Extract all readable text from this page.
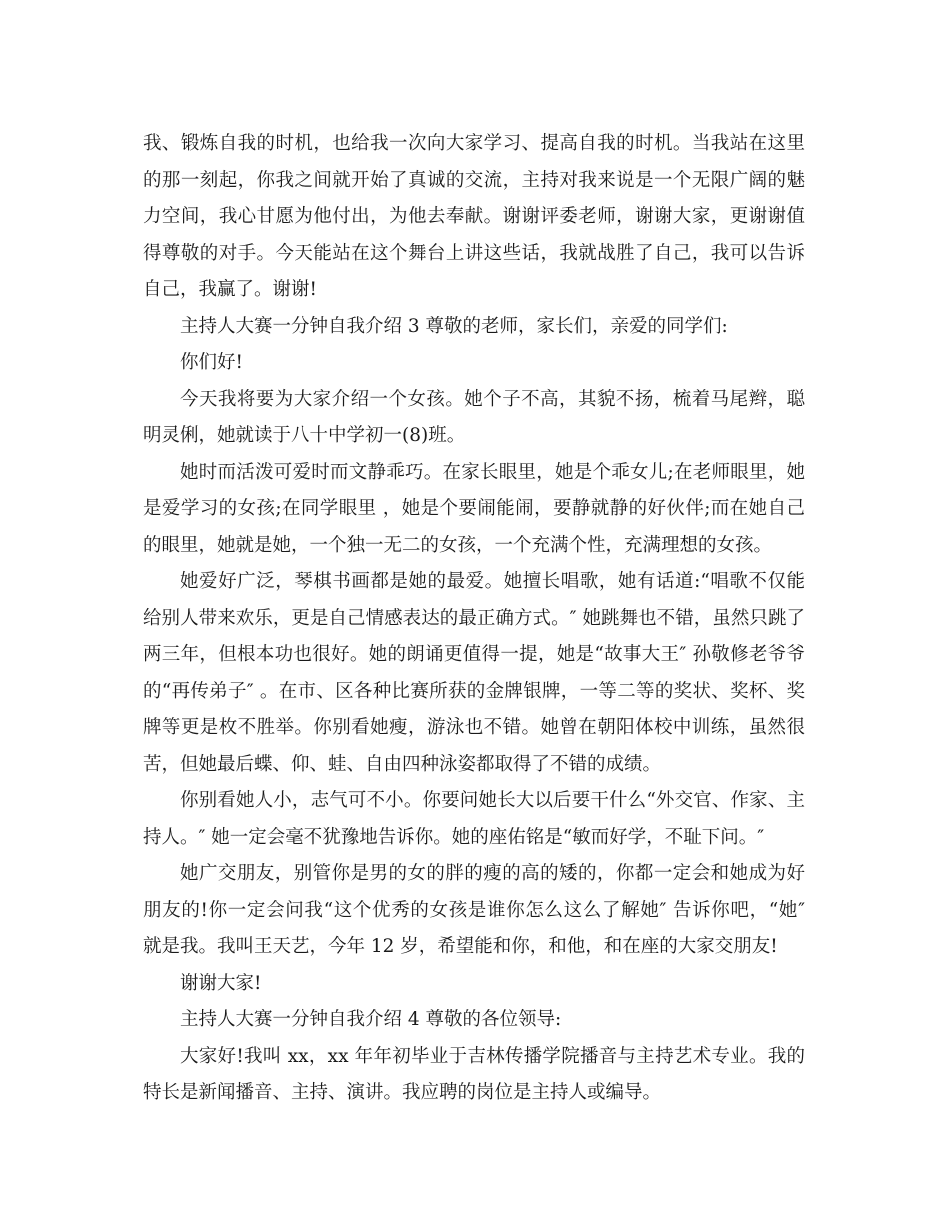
我、锻炼自我的时机，也给我一次向大家学习、提高自我的时机。当我站在这里的那一刻起，你我之间就开始了真诚的交流，主持对我来说是一个无限广阔的魅力空间，我心甘愿为他付出，为他去奉献。谢谢评委老师，谢谢大家，更谢谢值得尊敬的对手。今天能站在这个舞台上讲这些话，我就战胜了自己，我可以告诉自己，我赢了。谢谢!

主持人大赛一分钟自我介绍 3 尊敬的老师，家长们，亲爱的同学们:

你们好!

今天我将要为大家介绍一个女孩。她个子不高，其貌不扬，梳着马尾辫，聪明灵俐，她就读于八十中学初一(8)班。

她时而活泼可爱时而文静乖巧。在家长眼里，她是个乖女儿;在老师眼里，她是爱学习的女孩;在同学眼里 ，她是个要闹能闹，要静就静的好伙伴;而在她自己的眼里，她就是她，一个独一无二的女孩，一个充满个性，充满理想的女孩。

她爱好广泛，琴棋书画都是她的最爱。她擅长唱歌，她有话道:“唱歌不仅能给别人带来欢乐，更是自己情感表达的最正确方式。″ 她跳舞也不错，虽然只跳了两三年，但根本功也很好。她的朗诵更值得一提，她是“故事大王″ 孙敬修老爷爷的“再传弟子″ 。在市、区各种比赛所获的金牌银牌，一等二等的奖状、奖杯、奖牌等更是枚不胜举。你别看她瘦，游泳也不错。她曾在朝阳体校中训练，虽然很苦，但她最后蝶、仰、蛙、自由四种泳姿都取得了不错的成绩。

你别看她人小，志气可不小。你要问她长大以后要干什么“外交官、作家、主持人。″ 她一定会毫不犹豫地告诉你。她的座佑铭是“敏而好学，不耻下问。″

她广交朋友，别管你是男的女的胖的瘦的高的矮的，你都一定会和她成为好朋友的!你一定会问我“这个优秀的女孩是谁你怎么这么了解她″ 告诉你吧，“她″ 就是我。我叫王天艺，今年 12 岁，希望能和你，和他，和在座的大家交朋友!

谢谢大家!

主持人大赛一分钟自我介绍 4 尊敬的各位领导:

大家好!我叫 xx，xx 年年初毕业于吉林传播学院播音与主持艺术专业。我的特长是新闻播音、主持、演讲。我应聘的岗位是主持人或编导。
